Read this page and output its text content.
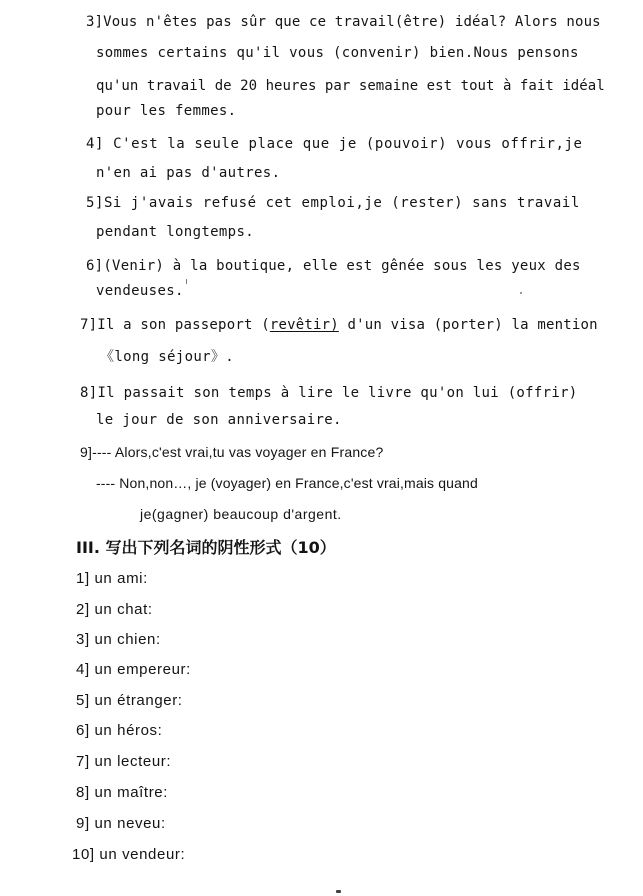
3]Vous n'êtes pas sûr que ce travail(être) idéal? Alors nous
sommes certains qu'il vous (convenir) bien.Nous pensons
qu'un travail de 20 heures par semaine est tout à fait idéal
pour les femmes.
4] C'est la seule place que je (pouvoir) vous offrir,je
n'en ai pas d'autres.
5]Si j'avais refusé cet emploi,je (rester) sans travail
pendant longtemps.
6](Venir) à la boutique, elle est gênée sous les yeux des
vendeuses.
7]Il a son passeport (revêtir) d'un visa (porter) la mention
《long séjour》.
8]Il passait son temps à lire le livre qu'on lui (offrir)
le jour de son anniversaire.
9]---- Alors,c'est vrai,tu vas voyager en France?
---- Non,non…, je (voyager) en France,c'est vrai,mais quand
je(gagner) beaucoup d'argent.
III. 写出下列名词的阴性形式（10）
1] un ami:
2] un chat:
3] un chien:
4] un empereur:
5] un étranger:
6] un héros:
7] un lecteur:
8] un maître:
9] un neveu:
10] un vendeur:
